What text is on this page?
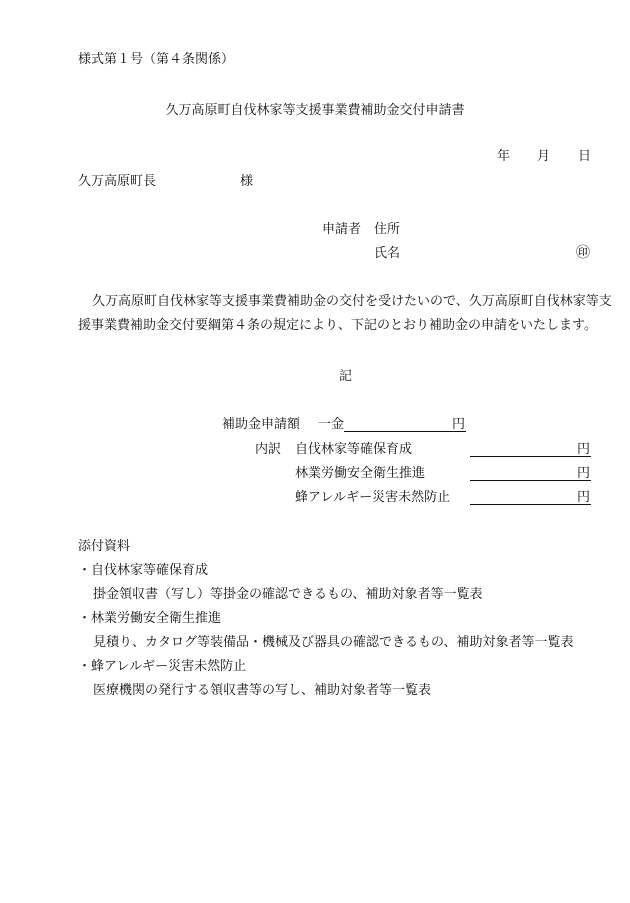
様式第１号（第４条関係）
久万高原町自伐林家等支援事業費補助金交付申請書
年 月 日
久万高原町長	様
申請者 住所
氏名	㊞
久万高原町自伐林家等支援事業費補助金の交付を受けたいので、久万高原町自伐林家等支援事業費補助金交付要綱第４条の規定により、下記のとおり補助金の申請をいたします。
記
補助金申請額 一金	円
内訳 自伐林家等確保育成	円
林業労働安全衛生推進	円
蜂アレルギー災害未然防止	円
添付資料
・自伐林家等確保育成
掛金領収書（写し）等掛金の確認できるもの、補助対象者等一覧表
・林業労働安全衛生推進
見積り、カタログ等装備品・機械及び器具の確認できるもの、補助対象者等一覧表
・蜂アレルギー災害未然防止
医療機関の発行する領収書等の写し、補助対象者等一覧表
